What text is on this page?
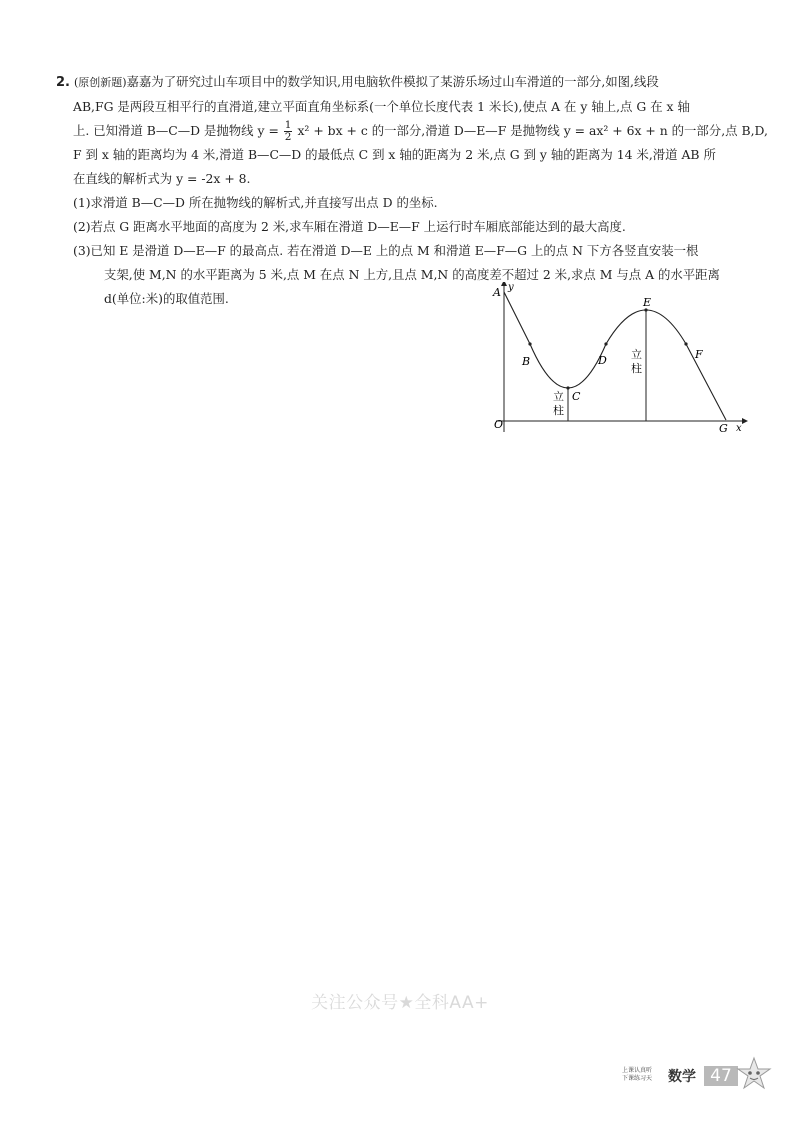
2. (原创新题)嘉嘉为了研究过山车项目中的数学知识,用电脑软件模拟了某游乐场过山车滑道的一部分,如图,线段
AB,FG 是两段互相平行的直滑道,建立平面直角坐标系(一个单位长度代表 1 米长),使点 A 在 y 轴上,点 G 在 x 轴
上. 已知滑道 B—C—D 是抛物线 $y = \frac{1}{2} x^2$ + bx + c 的一部分,滑道 D—E—F 是抛物线 y = ax² + 6x + n 的一部分,点 B,D,
F 到 x 轴的距离均为 4 米,滑道 B—C—D 的最低点 C 到 x 轴的距离为 2 米,点 G 到 y 轴的距离为 14 米,滑道 AB 所
在直线的解析式为 y = -2x + 8.
(1)求滑道 B—C—D 所在抛物线的解析式,并直接写出点 D 的坐标.
(2)若点 G 距离水平地面的高度为 2 米,求车厢在滑道 D—E—F 上运行时车厢底部能达到的最大高度.
(3)已知 E 是滑道 D—E—F 的最高点. 若在滑道 D—E 上的点 M 和滑道 E—F—G 上的点 N 下方各竖直安装一根
支架,使 M,N 的水平距离为 5 米,点 M 在点 N 上方,且点 M,N 的高度差不超过 2 米,求点 M 与点 A 的水平距离
d(单位:米)的取值范围.	A y
B
C
D
E
F
O	G x
立
柱
立
柱
关注公众号★全科AA+
上课认真听
下课练习天	数学 47
